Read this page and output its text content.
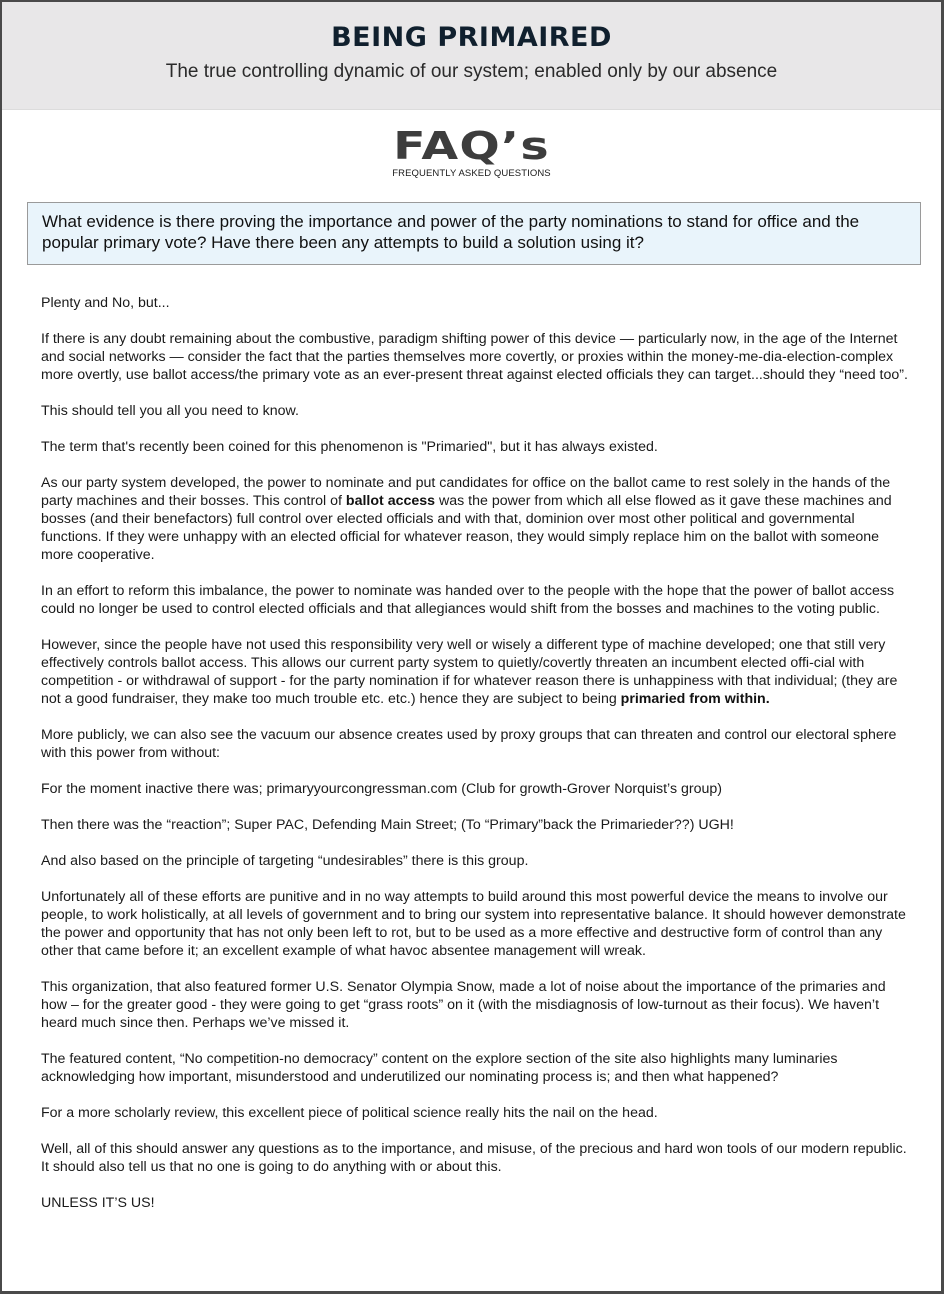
BEING PRIMAIRED
The true controlling dynamic of our system; enabled only by our absence
FAQ’s
FREQUENTLY ASKED QUESTIONS

What evidence is there proving the importance and power of the party nominations to stand for office and the popular primary vote? Have there been any attempts to build a solution using it?

Plenty and No, but...

If there is any doubt remaining about the combustive, paradigm shifting power of this device — particularly now, in the age of the Internet and social networks — consider the fact that the parties themselves more covertly, or proxies within the money-me-dia-election-complex more overtly, use ballot access/the primary vote as an ever-present threat against elected officials they can target...should they “need too”.

This should tell you all you need to know.

The term that's recently been coined for this phenomenon is "Primaried", but it has always existed.

As our party system developed, the power to nominate and put candidates for office on the ballot came to rest solely in the hands of the party machines and their bosses. This control of ballot access was the power from which all else flowed as it gave these machines and bosses (and their benefactors) full control over elected officials and with that, dominion over most other political and governmental functions. If they were unhappy with an elected official for whatever reason, they would simply replace him on the ballot with someone more cooperative.

In an effort to reform this imbalance, the power to nominate was handed over to the people with the hope that the power of ballot access could no longer be used to control elected officials and that allegiances would shift from the bosses and machines to the voting public.

However, since the people have not used this responsibility very well or wisely a different type of machine developed; one that still very effectively controls ballot access. This allows our current party system to quietly/covertly threaten an incumbent elected offi-cial with competition - or withdrawal of support - for the party nomination if for whatever reason there is unhappiness with that individual; (they are not a good fundraiser, they make too much trouble etc. etc.) hence they are subject to being primaried from within.

More publicly, we can also see the vacuum our absence creates used by proxy groups that can threaten and control our electoral sphere with this power from without:

For the moment inactive there was; primaryyourcongressman.com (Club for growth-Grover Norquist’s group)

Then there was the “reaction”; Super PAC, Defending Main Street; (To “Primary”back the Primarieder??) UGH!

And also based on the principle of targeting “undesirables” there is this group.

Unfortunately all of these efforts are punitive and in no way attempts to build around this most powerful device the means to involve our people, to work holistically, at all levels of government and to bring our system into representative balance. It should however demonstrate the power and opportunity that has not only been left to rot, but to be used as a more effective and destructive form of control than any other that came before it; an excellent example of what havoc absentee management will wreak.

This organization, that also featured former U.S. Senator Olympia Snow, made a lot of noise about the importance of the primaries and how – for the greater good - they were going to get “grass roots” on it (with the misdiagnosis of low-turnout as their focus). We haven’t heard much since then. Perhaps we’ve missed it.

The featured content, “No competition-no democracy” content on the explore section of the site also highlights many luminaries acknowledging how important, misunderstood and underutilized our nominating process is; and then what happened?

For a more scholarly review, this excellent piece of political science really hits the nail on the head.

Well, all of this should answer any questions as to the importance, and misuse, of the precious and hard won tools of our modern republic. It should also tell us that no one is going to do anything with or about this.

UNLESS IT’S US!
